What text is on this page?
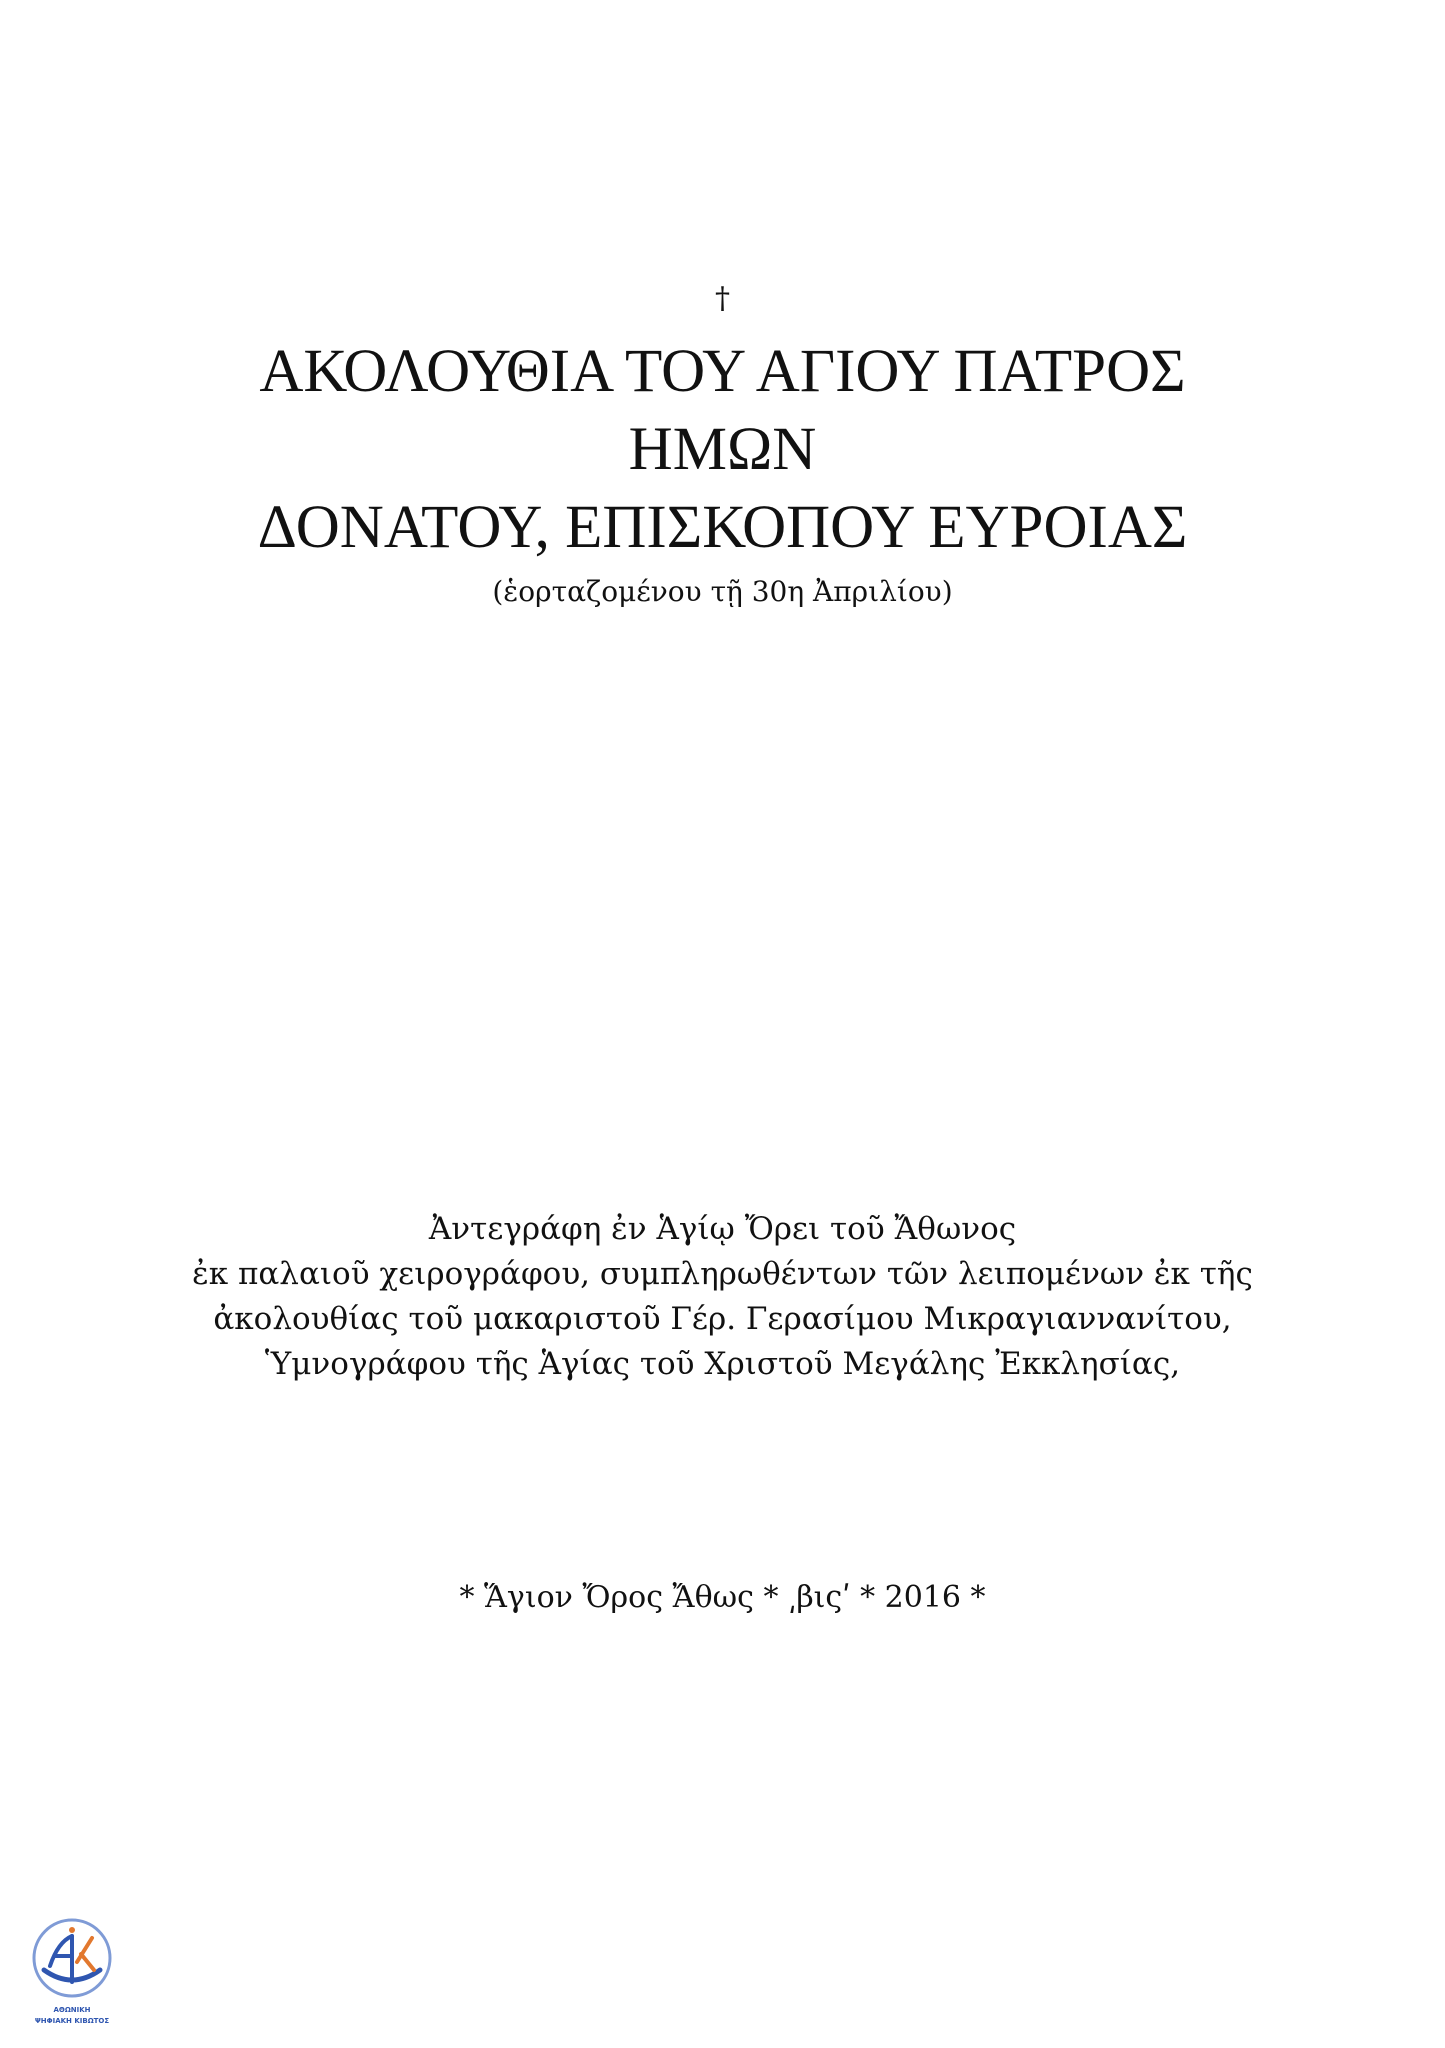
†
ΑΚΟΛΟΥΘΙΑ ΤΟΥ ΑΓΙΟΥ ΠΑΤΡΟΣ
ΗΜΩΝ
ΔΟΝΑΤΟΥ, ΕΠΙΣΚΟΠΟΥ ΕΥΡΟΙΑΣ
(ἑορταζομένου τῇ 30η Ἀπριλίου)
Ἀντεγράφη ἐν Ἁγίῳ Ὄρει τοῦ Ἄθωνος
ἐκ παλαιοῦ χειρογράφου, συμπληρωθέντων τῶν λειπομένων ἐκ τῆς
ἀκολουθίας τοῦ μακαριστοῦ Γέρ. Γερασίμου Μικραγιαννανίτου,
Ὑμνογράφου τῆς Ἁγίας τοῦ Χριστοῦ Μεγάλης Ἐκκλησίας,
* Ἅγιον Ὄρος Ἄθως * ͵βιςʹ * 2016 *
ΑΘΩΝΙΚΗ
ΨΗΦΙΑΚΗ ΚΙΒΩΤΟΣ
